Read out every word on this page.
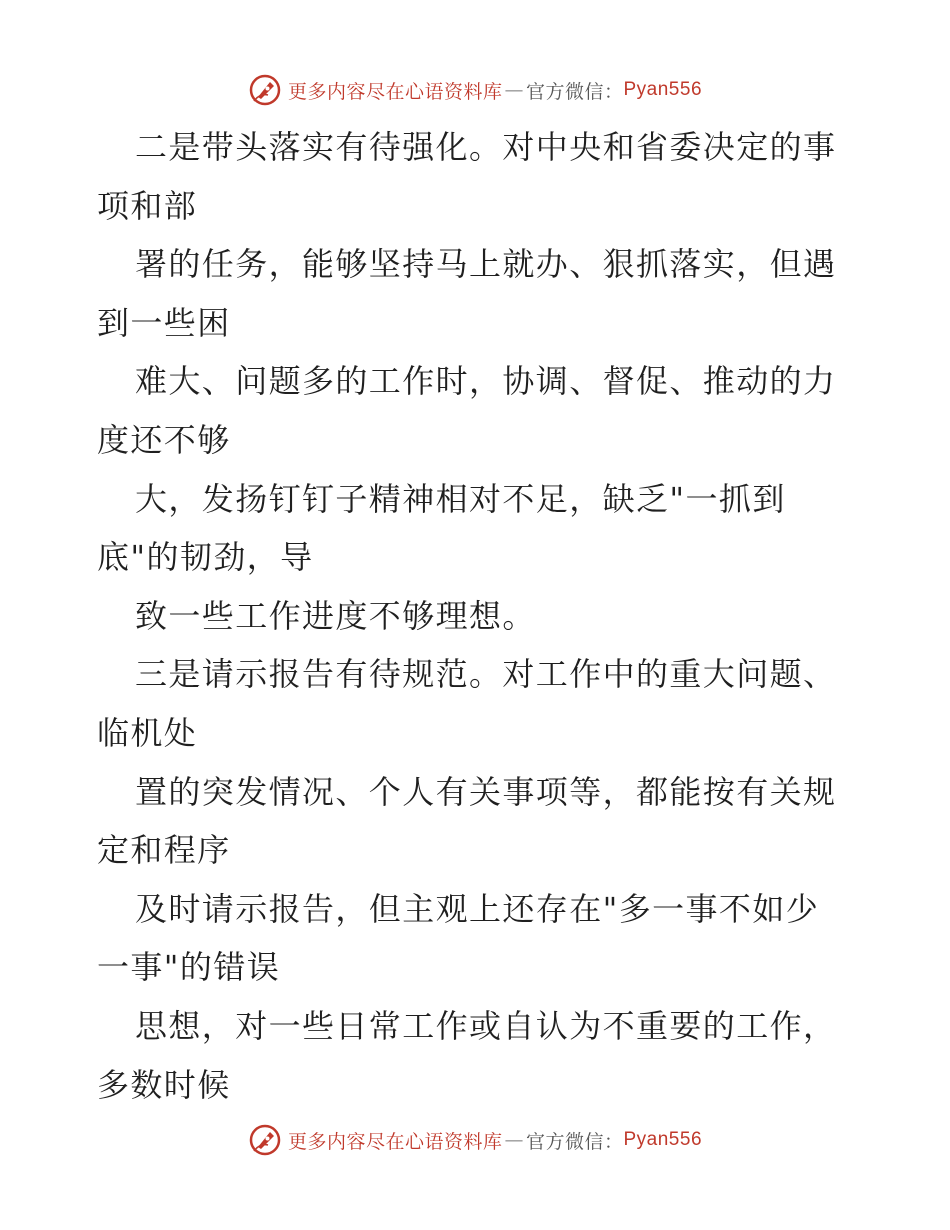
更多内容尽在心语资料库 — 官方微信： Pyan556
二是带头落实有待强化。对中央和省委决定的事
项和部
署的任务，能够坚持马上就办、狠抓落实，但遇
到一些困
难大、问题多的工作时，协调、督促、推动的力
度还不够
大，发扬钉钉子精神相对不足，缺乏"一抓到
底"的韧劲，导
致一些工作进度不够理想。
三是请示报告有待规范。对工作中的重大问题、
临机处
置的突发情况、个人有关事项等，都能按有关规
定和程序
及时请示报告，但主观上还存在"多一事不如少
一事"的错误
思想，对一些日常工作或自认为不重要的工作，
多数时候
更多内容尽在心语资料库 — 官方微信： Pyan556
